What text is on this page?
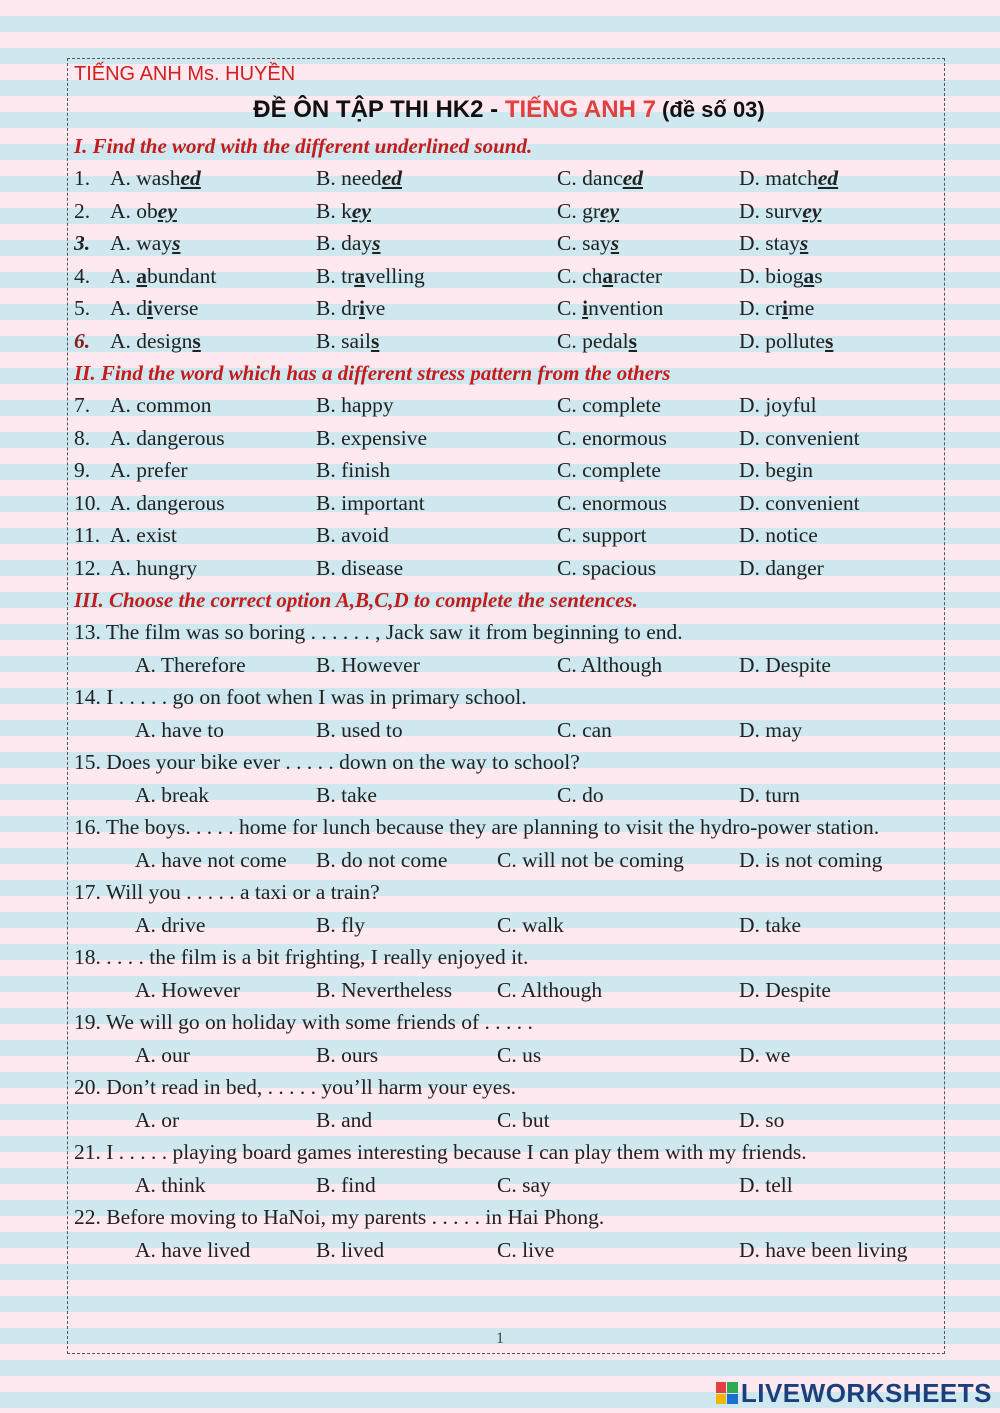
TIẾNG ANH Ms. HUYỀN
ĐỀ ÔN TẬP THI HK2 - TIẾNG ANH 7 (đề số 03)
I. Find the word with the different underlined sound.
1. A. washed	B. needed	C. danced	D. matched
2. A. obey	B. key	C. grey	D. survey
3. A. ways	B. days	C. says	D. stays
4. A. abundant	B. travelling	C. character	D. biogas
5. A. diverse	B. drive	C. invention	D. crime
6. A. designs	B. sails	C. pedals	D. pollutes
II. Find the word which has a different stress pattern from the others
7. A. common	B. happy	C. complete	D. joyful
8. A. dangerous	B. expensive	C. enormous	D. convenient
9. A. prefer	B. finish	C. complete	D. begin
10. A. dangerous	B. important	C. enormous	D. convenient
11. A. exist	B. avoid	C. support	D. notice
12. A. hungry	B. disease	C. spacious	D. danger
III. Choose the correct option A,B,C,D to complete the sentences.
13. The film was so boring . . . . . . , Jack saw it from beginning to end.
A. Therefore	B. However	C. Although	D. Despite
14. I . . . . . go on foot when I was in primary school.
A. have to	B. used to	C. can	D. may
15. Does your bike ever . . . . . down on the way to school?
A. break	B. take	C. do	D. turn
16. The boys. . . . . home for lunch because they are planning to visit the hydro-power station.
A. have not come B. do not come C. will not be coming	D. is not coming
17. Will you . . . . . a taxi or a train?
A. drive	B. fly	C. walk	D. take
18. . . . . the film is a bit frighting, I really enjoyed it.
A. However	B. Nevertheless C. Although	D. Despite
19. We will go on holiday with some friends of . . . . .
A. our	B. ours	C. us	D. we
20. Don’t read in bed, . . . . . you’ll harm your eyes.
A. or	B. and	C. but	D. so
21. I . . . . . playing board games interesting because I can play them with my friends.
A. think	B. find	C. say	D. tell
22. Before moving to HaNoi, my parents . . . . . in Hai Phong.
A. have lived	B. lived	C. live	D. have been living
1
LIVEWORKSHEETS
